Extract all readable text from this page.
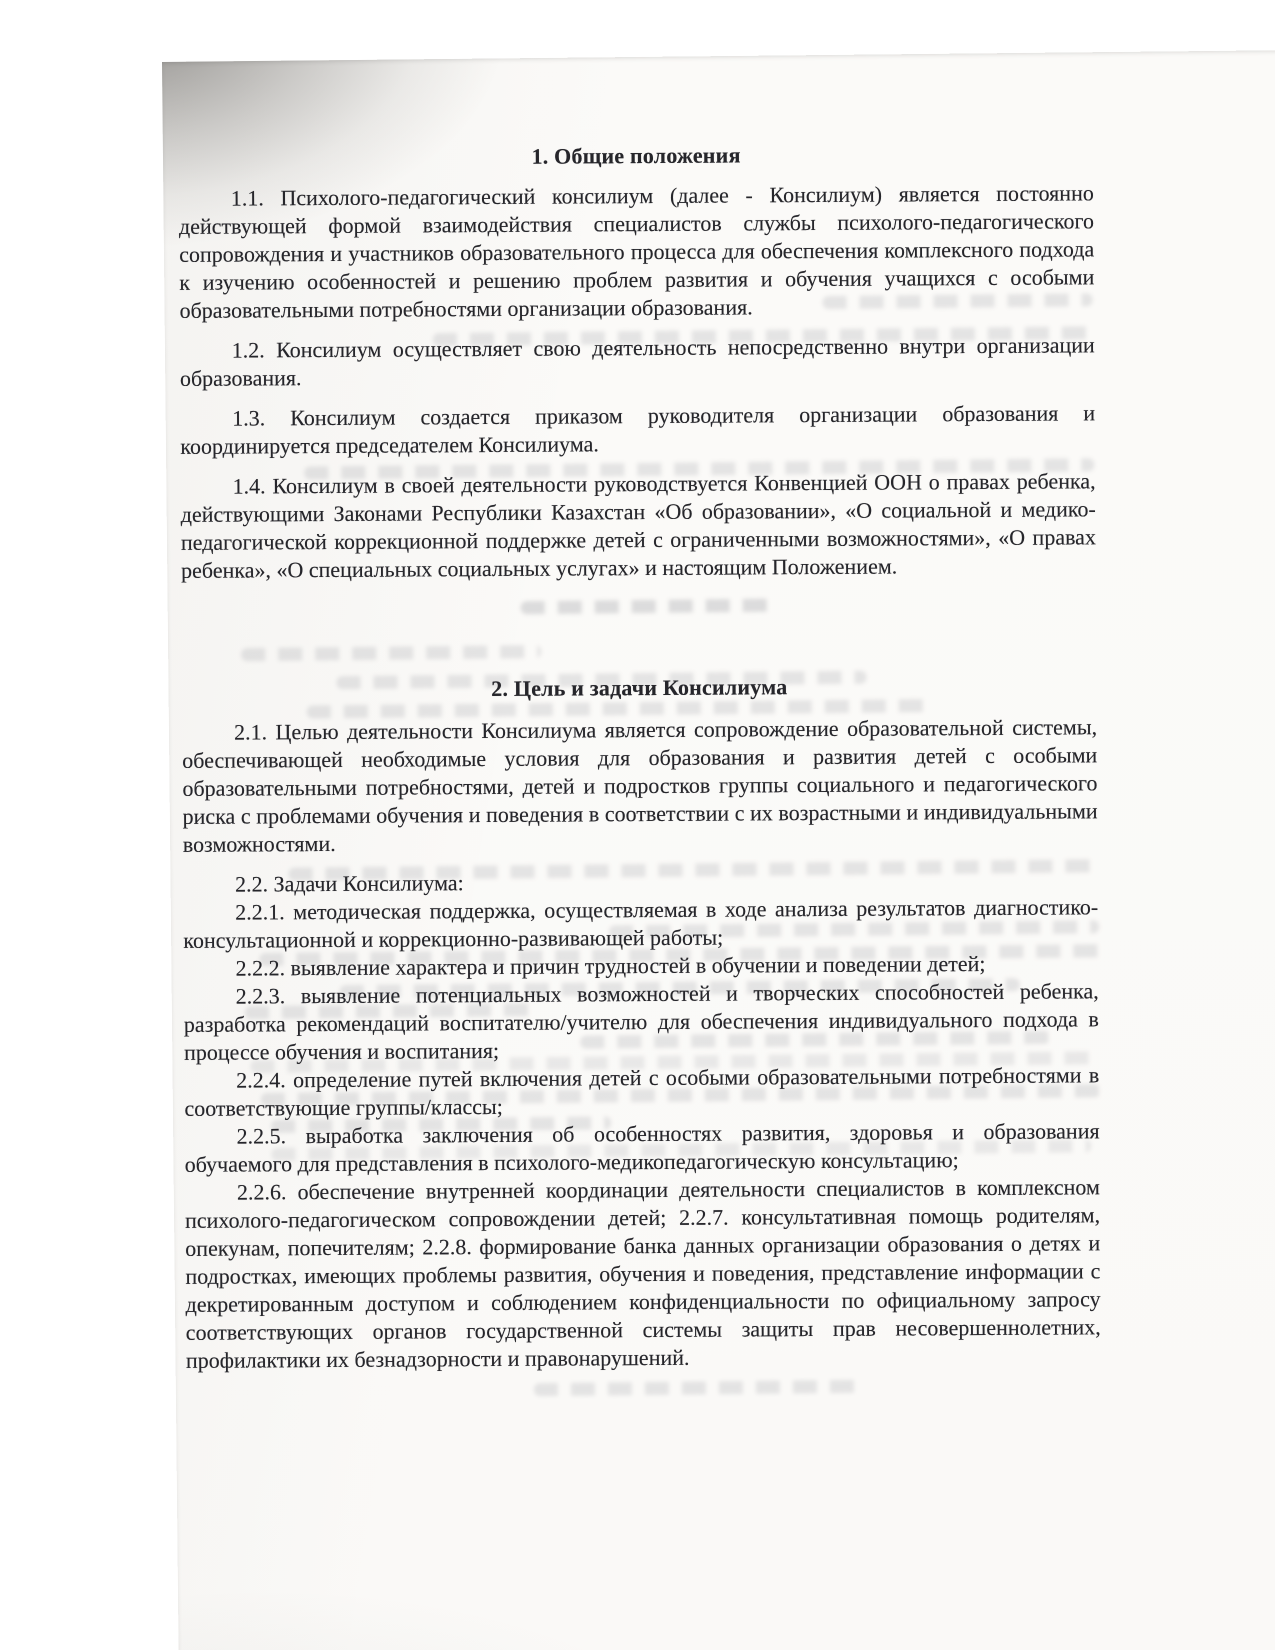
1. Общие положения

1.1. Психолого-педагогический консилиум (далее - Консилиум) является постоянно действующей формой взаимодействия специалистов службы психолого-педагогического сопровождения и участников образовательного процесса для обеспечения комплексного подхода к изучению особенностей и решению проблем развития и обучения учащихся с особыми образовательными потребностями организации образования.

1.2. Консилиум осуществляет свою деятельность непосредственно внутри организации образования.

1.3. Консилиум создается приказом руководителя организации образования и координируется председателем Консилиума.

1.4. Консилиум в своей деятельности руководствуется Конвенцией ООН о правах ребенка, действующими Законами Республики Казахстан «Об образовании», «О социальной и медико-педагогической коррекционной поддержке детей с ограниченными возможностями», «О правах ребенка», «О специальных социальных услугах» и настоящим Положением.

2. Цель и задачи Консилиума

2.1. Целью деятельности Консилиума является сопровождение образовательной системы, обеспечивающей необходимые условия для образования и развития детей с особыми образовательными потребностями, детей и подростков группы социального и педагогического риска с проблемами обучения и поведения в соответствии с их возрастными и индивидуальными возможностями.

2.2. Задачи Консилиума:

2.2.1. методическая поддержка, осуществляемая в ходе анализа результатов диагностико-консультационной и коррекционно-развивающей работы;

2.2.2. выявление характера и причин трудностей в обучении и поведении детей;

2.2.3. выявление потенциальных возможностей и творческих способностей ребенка, разработка рекомендаций воспитателю/учителю для обеспечения индивидуального подхода в процессе обучения и воспитания;

2.2.4. определение путей включения детей с особыми образовательными потребностями в соответствующие группы/классы;

2.2.5. выработка заключения об особенностях развития, здоровья и образования обучаемого для представления в психолого-медикопедагогическую консультацию;

2.2.6. обеспечение внутренней координации деятельности специалистов в комплексном психолого-педагогическом сопровождении детей; 2.2.7. консультативная помощь родителям, опекунам, попечителям; 2.2.8. формирование банка данных организации образования о детях и подростках, имеющих проблемы развития, обучения и поведения, представление информации с декретированным доступом и соблюдением конфиденциальности по официальному запросу соответствующих органов государственной системы защиты прав несовершеннолетних, профилактики их безнадзорности и правонарушений.
